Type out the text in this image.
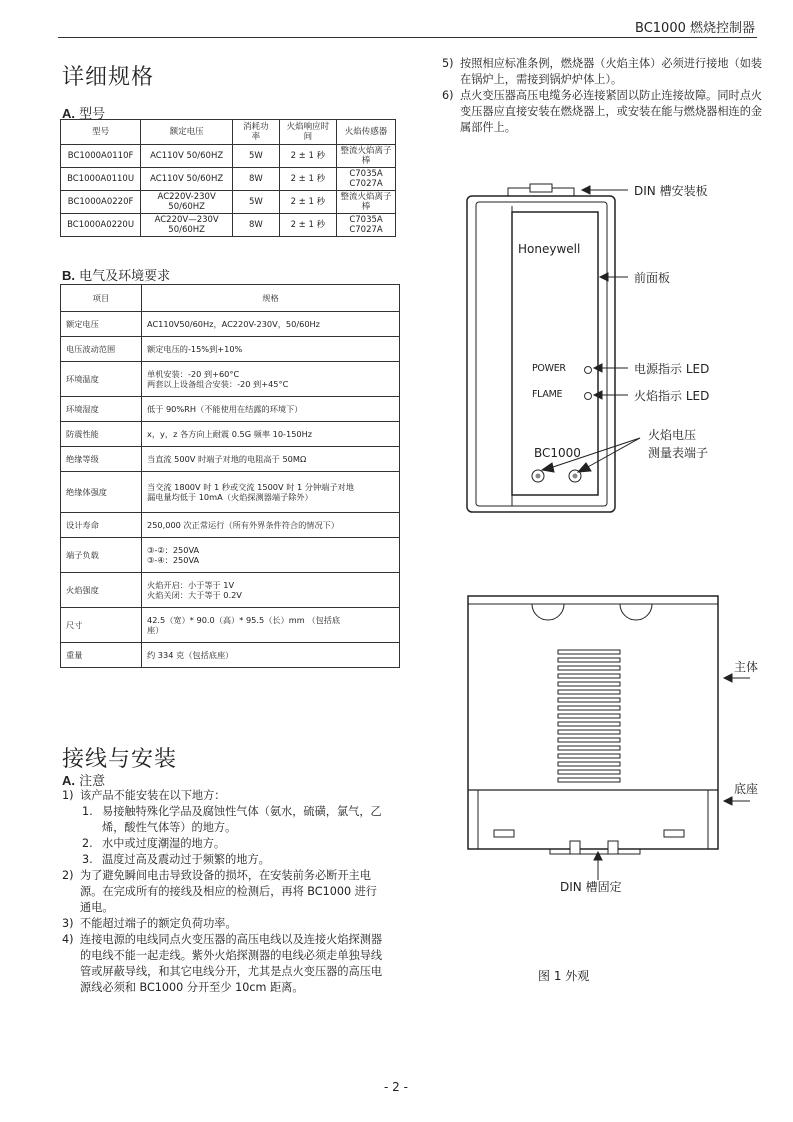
BC1000 燃烧控制器
详细规格
A. 型号
型号	额定电压	消耗功率	火焰响应时间	火焰传感器
BC1000A0110F	AC110V 50/60HZ	5W	2 ± 1 秒	整流火焰离子棒
BC1000A0110U	AC110V 50/60HZ	8W	2 ± 1 秒	C7035A C7027A
BC1000A0220F	AC220V-230V 50/60HZ	5W	2 ± 1 秒	整流火焰离子棒
BC1000A0220U	AC220V—230V 50/60HZ	8W	2 ± 1 秒	C7035A C7027A
B. 电气及环境要求
项目	规格
额定电压	AC110V50/60Hz，AC220V-230V，50/60Hz
电压波动范围	额定电压的-15%到+10%
环境温度	单机安装：-20 到+60°C
两套以上设备组合安装：-20 到+45°C
环境湿度	低于 90%RH（不能使用在结露的环境下）
防震性能	x，y，z 各方向上耐震 0.5G 频率 10-150Hz
绝缘等级	当直流 500V 时端子对地的电阻高于 50MΩ
绝缘体强度	当交流 1800V 时 1 秒或交流 1500V 时 1 分钟端子对地
漏电量均低于 10mA（火焰探测器端子除外）
设计寿命	250,000 次正常运行（所有外界条件符合的情况下）
端子负载	③-②：250VA
③-④：250VA
火焰强度	火焰开启：小于等于 1V
火焰关闭：大于等于 0.2V
尺寸	42.5（宽）* 90.0（高）* 95.5（长）mm （包括底
座）
重量	约 334 克（包括底座）
接线与安装
A. 注意
1) 该产品不能安装在以下地方：
1. 易接触特殊化学品及腐蚀性气体（氨水，硫磺，氯气，乙烯，酸性气体等）的地方。
2. 水中或过度潮湿的地方。
3. 温度过高及震动过于频繁的地方。
2) 为了避免瞬间电击导致设备的损坏，在安装前务必断开主电源。在完成所有的接线及相应的检测后，再将 BC1000 进行通电。
3) 不能超过端子的额定负荷功率。
4) 连接电源的电线同点火变压器的高压电线以及连接火焰探测器的电线不能一起走线。紫外火焰探测器的电线必须走单独导线管或屏蔽导线，和其它电线分开，尤其是点火变压器的高压电源线必须和 BC1000 分开至少 10cm 距离。
5) 按照相应标准条例，燃烧器（火焰主体）必须进行接地（如装在锅炉上，需接到锅炉炉体上）。
6) 点火变压器高压电缆务必连接紧固以防止连接故障。同时点火变压器应直接安装在燃烧器上，或安装在能与燃烧器相连的金属部件上。
Honeywell
POWER
FLAME
BC1000
DIN 槽安装板
前面板
电源指示 LED
火焰指示 LED
火焰电压
测量表端子
主体
底座
DIN 槽固定
图 1 外观
- 2 -
